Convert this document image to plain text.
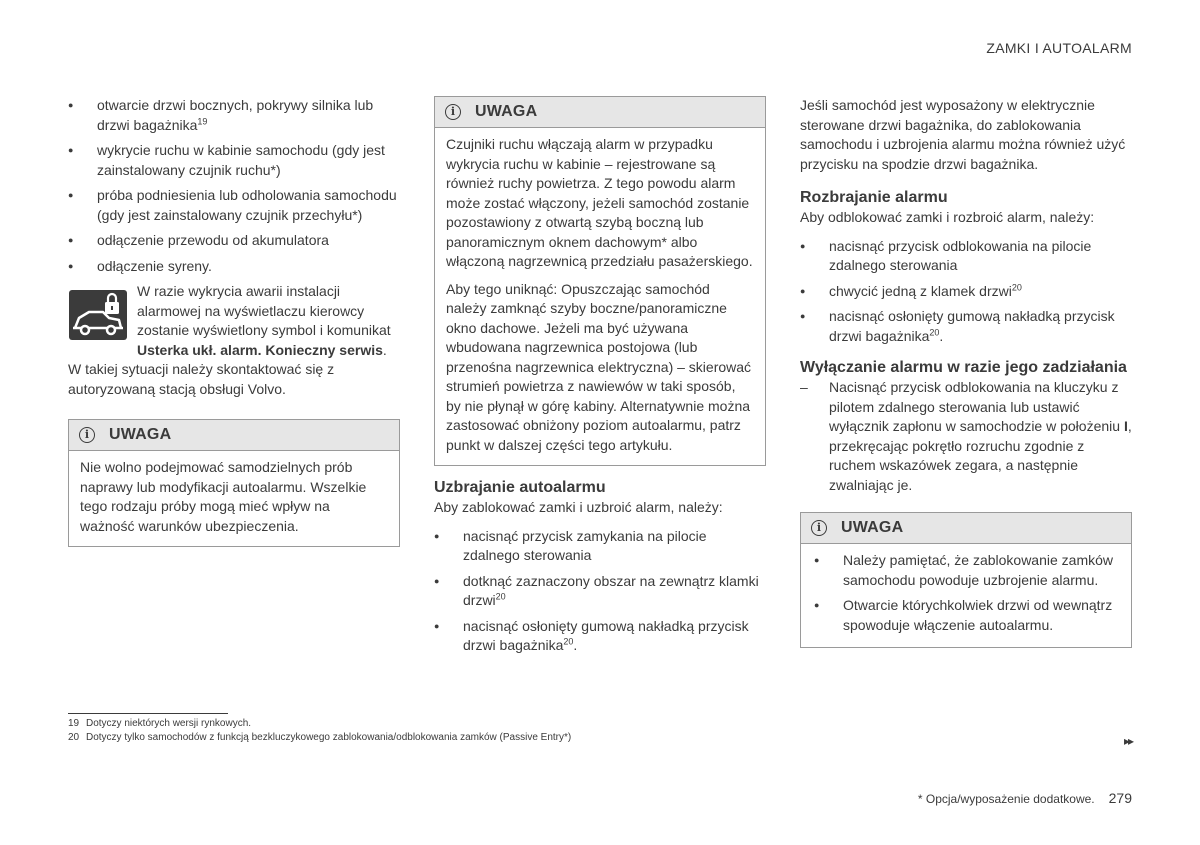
ZAMKI I AUTOALARM
● otwarcie drzwi bocznych, pokrywy silnika lub drzwi bagażnika$^{19}$
● wykrycie ruchu w kabinie samochodu (gdy jest zainstalowany czujnik ruchu*)
● próba podniesienia lub odholowania samochodu (gdy jest zainstalowany czujnik przechyłu*)
● odłączenie przewodu od akumulatora
● odłączenie syreny.

W razie wykrycia awarii instalacji alarmowej na wyświetlaczu kierowcy zostanie wyświetlony symbol i komunikat Usterka ukł. alarm. Konieczny serwis. W takiej sytuacji należy skontaktować się z autoryzowaną stacją obsługi Volvo.

i	UWAGA

Nie wolno podejmować samodzielnych prób naprawy lub modyfikacji autoalarmu. Wszelkie tego rodzaju próby mogą mieć wpływ na ważność warunków ubezpieczenia.

i	UWAGA

Czujniki ruchu włączają alarm w przypadku wykrycia ruchu w kabinie – rejestrowane są również ruchy powietrza. Z tego powodu alarm może zostać włączony, jeżeli samochód zostanie pozostawiony z otwartą szybą boczną lub panoramicznym oknem dachowym* albo włączoną nagrzewnicą przedziału pasażerskiego.

Aby tego uniknąć: Opuszczając samochód należy zamknąć szyby boczne/panoramiczne okno dachowe. Jeżeli ma być używana wbudowana nagrzewnica postojowa (lub przenośna nagrzewnica elektryczna) – skierować strumień powietrza z nawiewów w taki sposób, by nie płynął w górę kabiny. Alternatywnie można zastosować obniżony poziom autoalarmu, patrz punkt w dalszej części tego artykułu.

Uzbrajanie autoalarmu

Aby zablokować zamki i uzbroić alarm, należy:

● nacisnąć przycisk zamykania na pilocie zdalnego sterowania
● dotknąć zaznaczony obszar na zewnątrz klamki drzwi$^{20}$
● nacisnąć osłonięty gumową nakładką przycisk drzwi bagażnika$^{20}$.

Jeśli samochód jest wyposażony w elektrycznie sterowane drzwi bagażnika, do zablokowania samochodu i uzbrojenia alarmu można również użyć przycisku na spodzie drzwi bagażnika.

Rozbrajanie alarmu

Aby odblokować zamki i rozbroić alarm, należy:

● nacisnąć przycisk odblokowania na pilocie zdalnego sterowania
● chwycić jedną z klamek drzwi$^{20}$
● nacisnąć osłonięty gumową nakładką przycisk drzwi bagażnika$^{20}$.
Wyłączanie alarmu w razie jego zadziałania
– Nacisnąć przycisk odblokowania na kluczyku z pilotem zdalnego sterowania lub ustawić wyłącznik zapłonu w samochodzie w położeniu I, przekręcając pokrętło rozruchu zgodnie z ruchem wskazówek zegara, a następnie zwalniając je.
i	UWAGA
● Należy pamiętać, że zablokowanie zamków samochodu powoduje uzbrojenie alarmu.
● Otwarcie którychkolwiek drzwi od wewnątrz spowoduje włączenie autoalarmu.
19 Dotyczy niektórych wersji rynkowych.
20 Dotyczy tylko samochodów z funkcją bezkluczykowego zablokowania/odblokowania zamków (Passive Entry*)	▸▸
* Opcja/wyposażenie dodatkowe. 279
